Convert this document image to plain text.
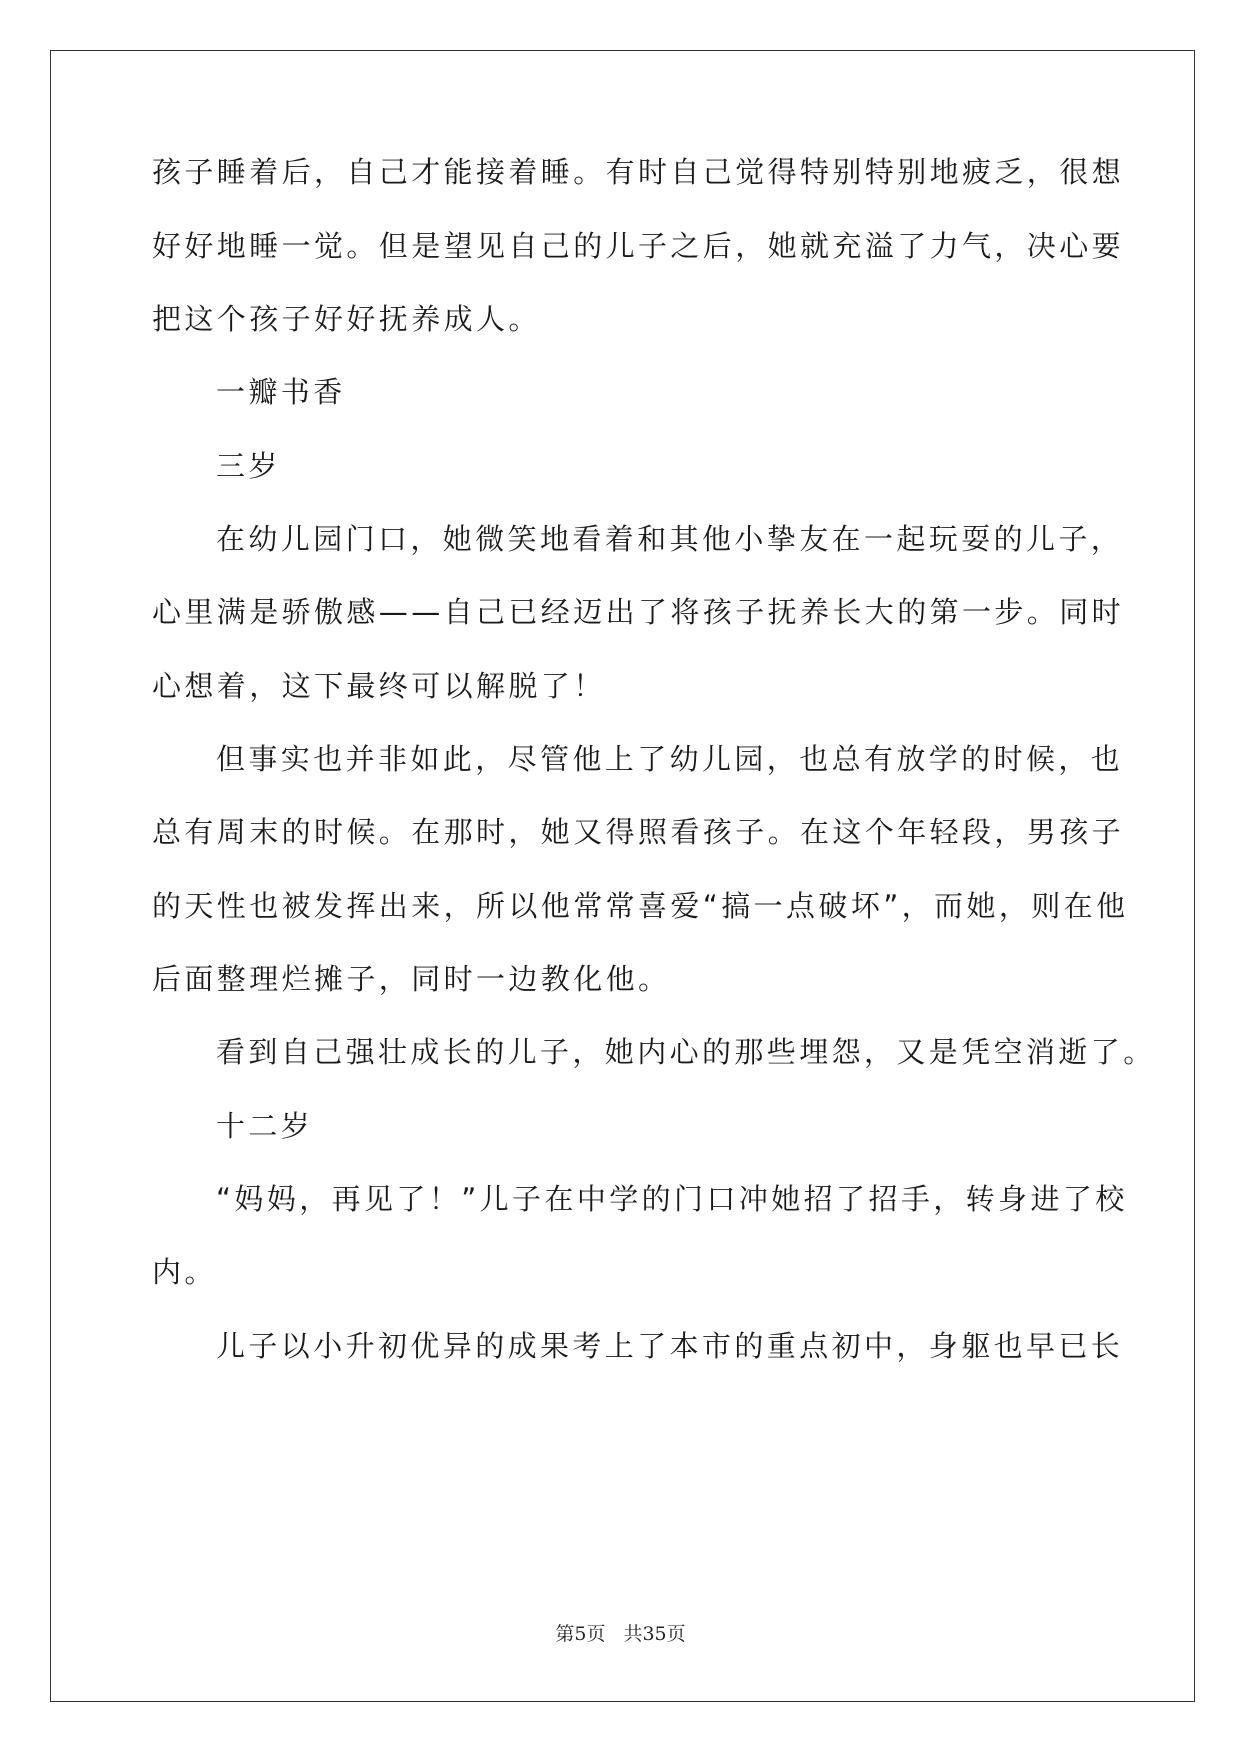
孩子睡着后，自己才能接着睡。有时自己觉得特别特别地疲乏，很想

好好地睡一觉。但是望见自己的儿子之后，她就充溢了力气，决心要

把这个孩子好好抚养成人。

一瓣书香

三岁

在幼儿园门口，她微笑地看着和其他小挚友在一起玩耍的儿子，

心里满是骄傲感——自己已经迈出了将孩子抚养长大的第一步。同时

心想着，这下最终可以解脱了！

但事实也并非如此，尽管他上了幼儿园，也总有放学的时候，也

总有周末的时候。在那时，她又得照看孩子。在这个年轻段，男孩子

的天性也被发挥出来，所以他常常喜爱“搞一点破坏”，而她，则在他

后面整理烂摊子，同时一边教化他。

看到自己强壮成长的儿子，她内心的那些埋怨，又是凭空消逝了。

十二岁

“妈妈，再见了！”儿子在中学的门口冲她招了招手，转身进了校

内。

儿子以小升初优异的成果考上了本市的重点初中，身躯也早已长

第5页 共35页
